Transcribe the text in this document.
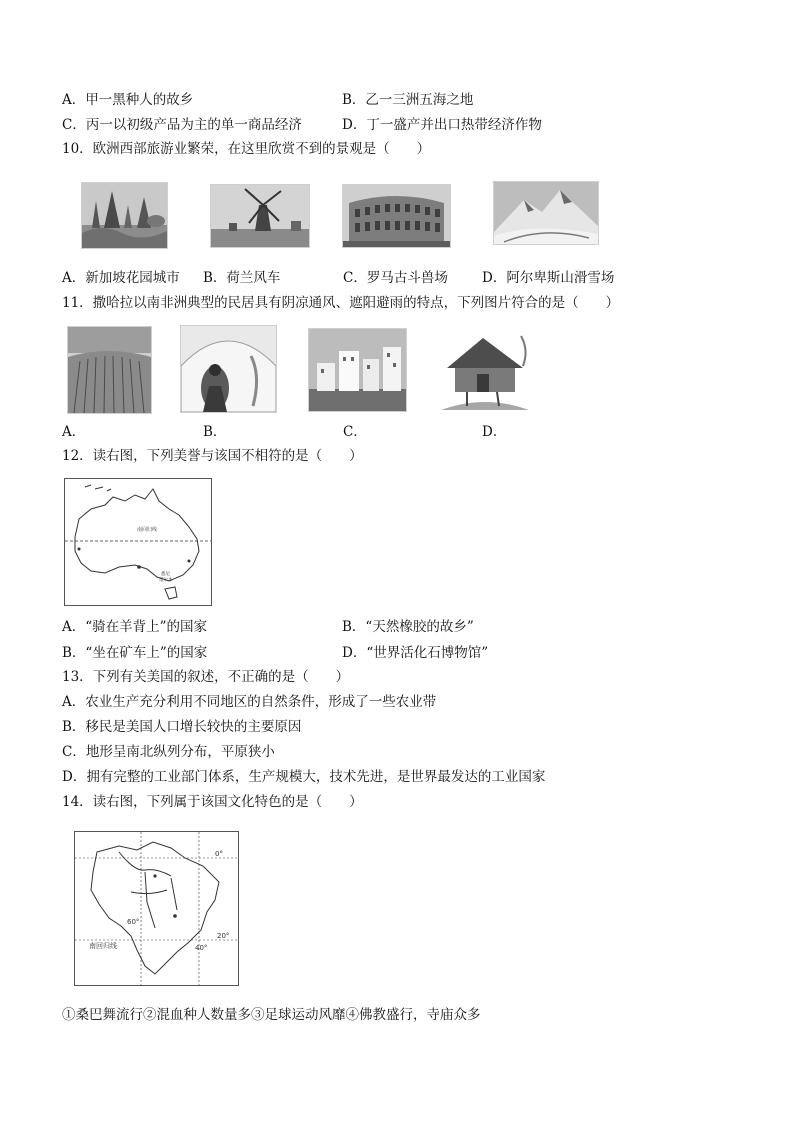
A．甲一黑种人的故乡	B．乙一三洲五海之地
C．丙一以初级产品为主的单一商品经济	D．丁一盛产并出口热带经济作物
10．欧洲西部旅游业繁荣，在这里欣赏不到的景观是（　　）
A．新加坡花园城市 B．荷兰风车	C．罗马古斗兽场	D．阿尔卑斯山滑雪场
11．撒哈拉以南非洲典型的民居具有阴凉通风、遮阳避雨的特点，下列图片符合的是（　　）
A．	B．	C．	D．
12．读右图，下列美誉与该国不相符的是（　　）
南回归线
悉尼
墨尔本
A．“骑在羊背上”的国家	B．“天然橡胶的故乡”
B．“坐在矿车上”的国家	D．“世界活化石博物馆”
13．下列有关美国的叙述，不正确的是（　　）
A．农业生产充分利用不同地区的自然条件，形成了一些农业带
B．移民是美国人口增长较快的主要原因
C．地形呈南北纵列分布，平原狭小
D．拥有完整的工业部门体系，生产规模大，技术先进，是世界最发达的工业国家
14．读右图，下列属于该国文化特色的是（　　）
0°
60°
40°
20°
南回归线
①桑巴舞流行②混血种人数量多③足球运动风靡④佛教盛行，寺庙众多
